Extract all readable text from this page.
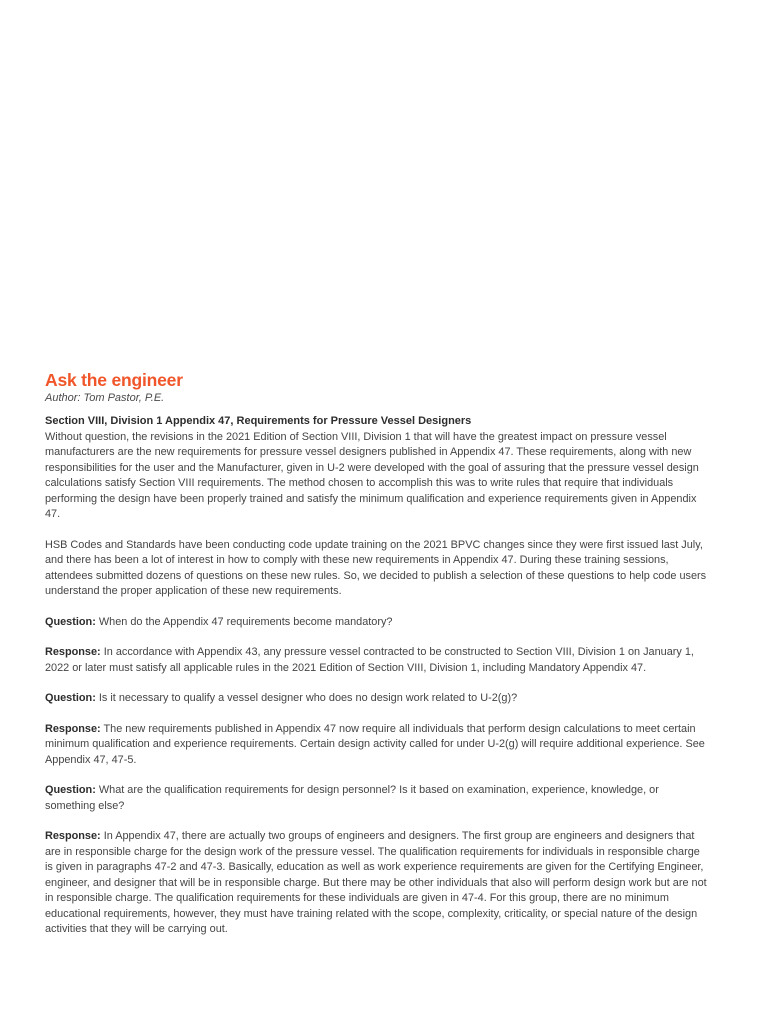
Ask the engineer

Author: Tom Pastor, P.E.

Section VIII, Division 1 Appendix 47, Requirements for Pressure Vessel Designers

Without question, the revisions in the 2021 Edition of Section VIII, Division 1 that will have the greatest impact on pressure vessel manufacturers are the new requirements for pressure vessel designers published in Appendix 47. These requirements, along with new responsibilities for the user and the Manufacturer, given in U-2 were developed with the goal of assuring that the pressure vessel design calculations satisfy Section VIII requirements. The method chosen to accomplish this was to write rules that require that individuals performing the design have been properly trained and satisfy the minimum qualification and experience requirements given in Appendix 47.

HSB Codes and Standards have been conducting code update training on the 2021 BPVC changes since they were first issued last July, and there has been a lot of interest in how to comply with these new requirements in Appendix 47. During these training sessions, attendees submitted dozens of questions on these new rules. So, we decided to publish a selection of these questions to help code users understand the proper application of these new requirements.

Question: When do the Appendix 47 requirements become mandatory?

Response: In accordance with Appendix 43, any pressure vessel contracted to be constructed to Section VIII, Division 1 on January 1, 2022 or later must satisfy all applicable rules in the 2021 Edition of Section VIII, Division 1, including Mandatory Appendix 47.

Question: Is it necessary to qualify a vessel designer who does no design work related to U-2(g)?

Response: The new requirements published in Appendix 47 now require all individuals that perform design calculations to meet certain minimum qualification and experience requirements. Certain design activity called for under U-2(g) will require additional experience. See Appendix 47, 47-5.

Question: What are the qualification requirements for design personnel? Is it based on examination, experience, knowledge, or something else?

Response: In Appendix 47, there are actually two groups of engineers and designers. The first group are engineers and designers that are in responsible charge for the design work of the pressure vessel. The qualification requirements for individuals in responsible charge is given in paragraphs 47-2 and 47-3. Basically, education as well as work experience requirements are given for the Certifying Engineer, engineer, and designer that will be in responsible charge. But there may be other individuals that also will perform design work but are not in responsible charge. The qualification requirements for these individuals are given in 47-4. For this group, there are no minimum educational requirements, however, they must have training related with the scope, complexity, criticality, or special nature of the design activities that they will be carrying out.
